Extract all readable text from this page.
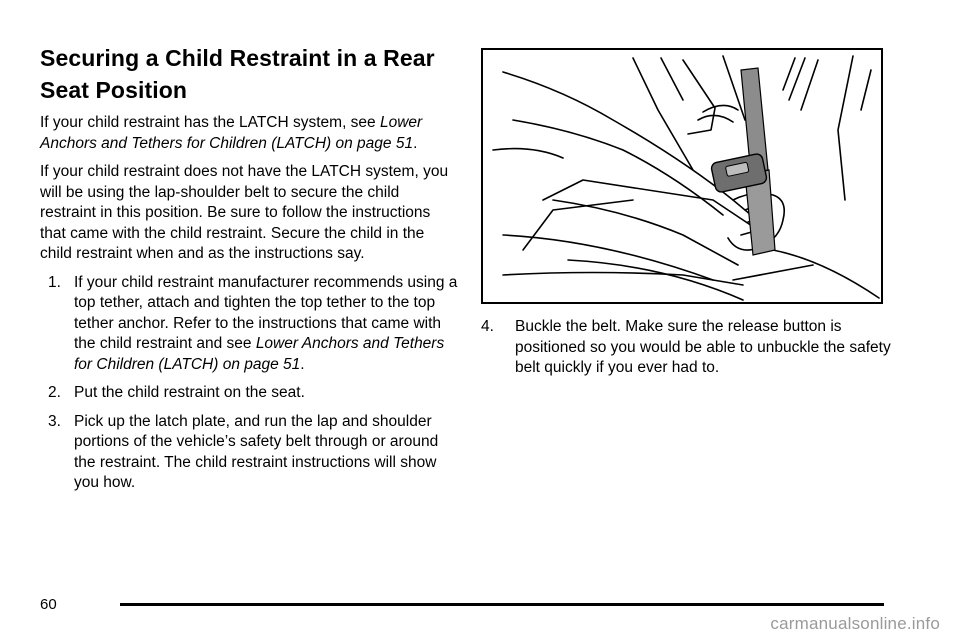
Securing a Child Restraint in a Rear
Seat Position

If your child restraint has the LATCH system, see Lower Anchors and Tethers for Children (LATCH) on page 51.

If your child restraint does not have the LATCH system, you will be using the lap-shoulder belt to secure the child restraint in this position. Be sure to follow the instructions that came with the child restraint. Secure the child in the child restraint when and as the instructions say.

1. If your child restraint manufacturer recommends using a top tether, attach and tighten the top tether to the top tether anchor. Refer to the instructions that came with the child restraint and see Lower Anchors and Tethers for Children (LATCH) on page 51.
2. Put the child restraint on the seat.
3. Pick up the latch plate, and run the lap and shoulder portions of the vehicle’s safety belt through or around the restraint. The child restraint instructions will show you how.
4. Buckle the belt. Make sure the release button is positioned so you would be able to unbuckle the safety belt quickly if you ever had to.
60
carmanualsonline.info
